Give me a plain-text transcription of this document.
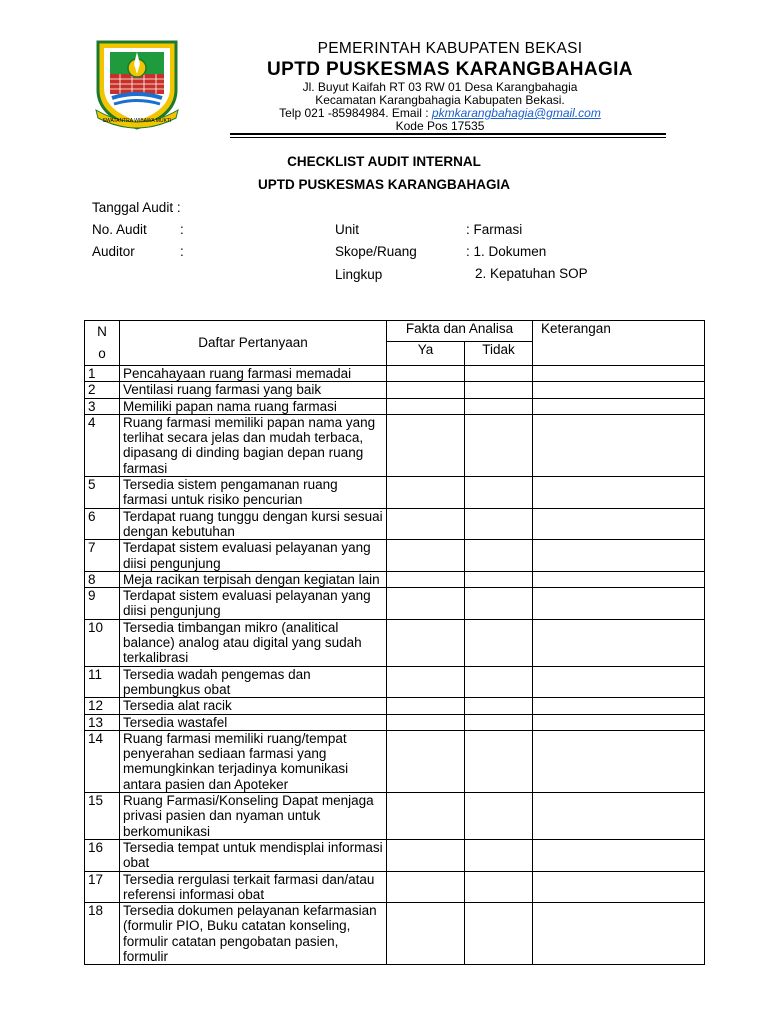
SWATANTRA WIBAWA MUKTI
PEMERINTAH KABUPATEN BEKASI
UPTD PUSKESMAS KARANGBAHAGIA
Jl. Buyut Kaifah RT 03 RW 01 Desa Karangbahagia
Kecamatan Karangbahagia Kabupaten Bekasi.
Telp 021 -85984984. Email : pkmkarangbahagia@gmail.com
Kode Pos 17535
CHECKLIST AUDIT INTERNAL
UPTD PUSKESMAS KARANGBAHAGIA
Tanggal Audit :
No. Audit :
Auditor	:
Unit	: Farmasi
Skope/Ruang	: 1. Dokumen
Lingkup	2. Kepatuhan SOP
N
o	Daftar Pertanyaan	Fakta dan Analisa		Keterangan
		Ya	Tidak	
1	Pencahayaan ruang farmasi memadai			
2	Ventilasi ruang farmasi yang baik			
3	Memiliki papan nama ruang farmasi			
4	Ruang farmasi memiliki papan nama yang terlihat secara jelas dan mudah terbaca, dipasang di dinding bagian depan ruang farmasi			
5	Tersedia sistem pengamanan ruang farmasi untuk risiko pencurian			
6	Terdapat ruang tunggu dengan kursi sesuai dengan kebutuhan			
7	Terdapat sistem evaluasi pelayanan yang diisi pengunjung			
8	Meja racikan terpisah dengan kegiatan lain			
9	Terdapat sistem evaluasi pelayanan yang diisi pengunjung			
10	Tersedia timbangan mikro (analitical balance) analog atau digital yang sudah terkalibrasi			
11	Tersedia wadah pengemas dan pembungkus obat			
12	Tersedia alat racik			
13	Tersedia wastafel			
14	Ruang farmasi memiliki ruang/tempat penyerahan sediaan farmasi yang memungkinkan terjadinya komunikasi antara pasien dan Apoteker			
15	Ruang Farmasi/Konseling Dapat menjaga privasi pasien dan nyaman untuk berkomunikasi			
16	Tersedia tempat untuk mendisplai informasi obat			
17	Tersedia rergulasi terkait farmasi dan/atau referensi informasi obat			
18	Tersedia dokumen pelayanan kefarmasian (formulir PIO, Buku catatan konseling, formulir catatan pengobatan pasien, formulir			
